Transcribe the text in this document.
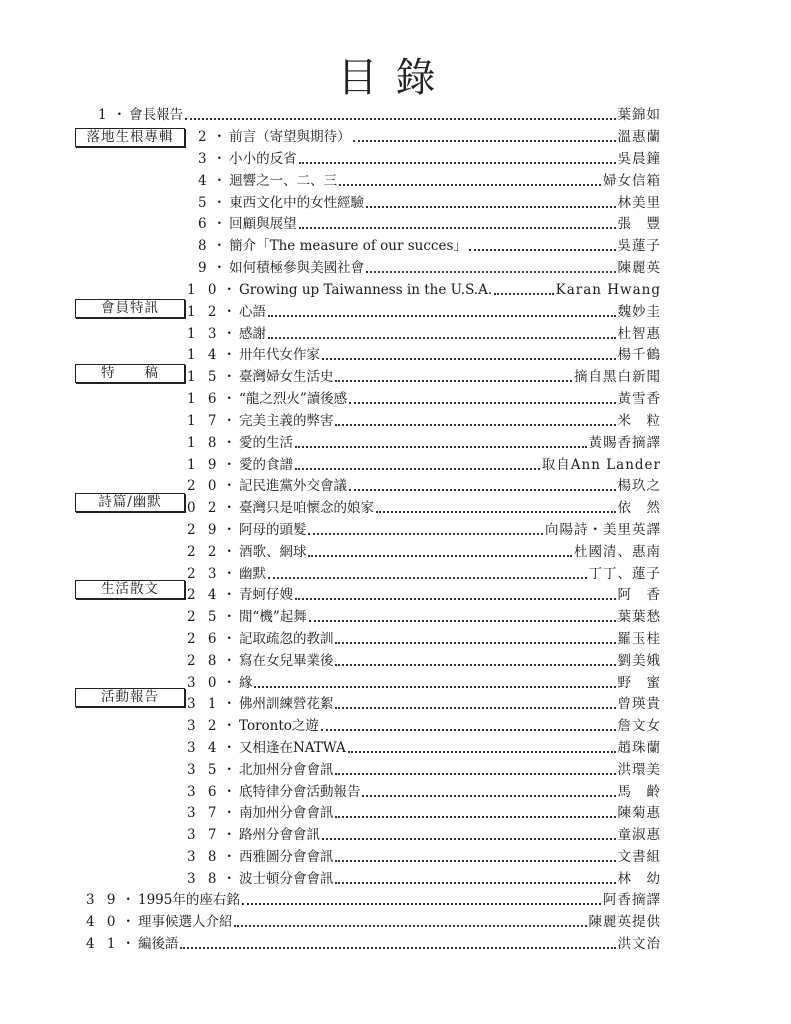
目錄
落地生根專輯
會員特訊
特　　稿
詩篇/幽默
生活散文
活動報告
1 ・ 會長報告	葉錦如
2 ・ 前言（寄望與期待）	溫惠蘭
3 ・ 小小的反省	吳晨鐘
4 ・ 迴響之一、二、三	婦女信箱
5 ・ 東西文化中的女性經驗	林美里
6 ・ 回顧與展望	張　豐
8 ・ 簡介「The measure of our succes」	吳蓮子
9 ・ 如何積極參與美國社會	陳麗英
1 0 ・ Growing up Taiwanness in the U.S.A.	Karan Hwang
1 2 ・ 心語	魏妙圭
1 3 ・ 感謝	杜智惠
1 4 ・ 卅年代女作家	楊千鶴
1 5 ・ 臺灣婦女生活史	摘自黑白新聞
1 6 ・ “龍之烈火”讀後感	黃雪香
1 7 ・ 完美主義的弊害	米　粒
1 8 ・ 愛的生活	黃賜香摘譯
1 9 ・ 愛的食譜	取自Ann Lander
2 0 ・ 記民進黨外交會議	楊玖之
0 2 ・ 臺灣只是咱懷念的娘家	依　然
2 9 ・ 阿母的頭髮	向陽詩・美里英譯
2 2 ・ 酒歌、網球	杜國清、惠南
2 3 ・ 幽默	丁丁、蓮子
2 4 ・ 青蚵仔嫂	阿　香
2 5 ・ 閒“機”起舞	葉葉愁
2 6 ・ 記取疏忽的教訓	羅玉桂
2 8 ・ 寫在女兒畢業後	劉美娥
3 0 ・ 緣	野　蜜
3 1 ・ 佛州訓練營花絮	曾瑛貴
3 2 ・ Toronto之遊	詹文女
3 4 ・ 又相逢在NATWA	趙珠蘭
3 5 ・ 北加州分會會訊	洪環美
3 6 ・ 底特律分會活動報告	馬　齡
3 7 ・ 南加州分會會訊	陳菊惠
3 7 ・ 路州分會會訊	童淑惠
3 8 ・ 西雅圖分會會訊	文書組
3 8 ・ 波士頓分會會訊	林　幼
3 9 ・ 1995年的座右銘	阿香摘譯
4 0 ・ 理事候選人介紹	陳麗英提供
4 1 ・ 編後語	洪文治
